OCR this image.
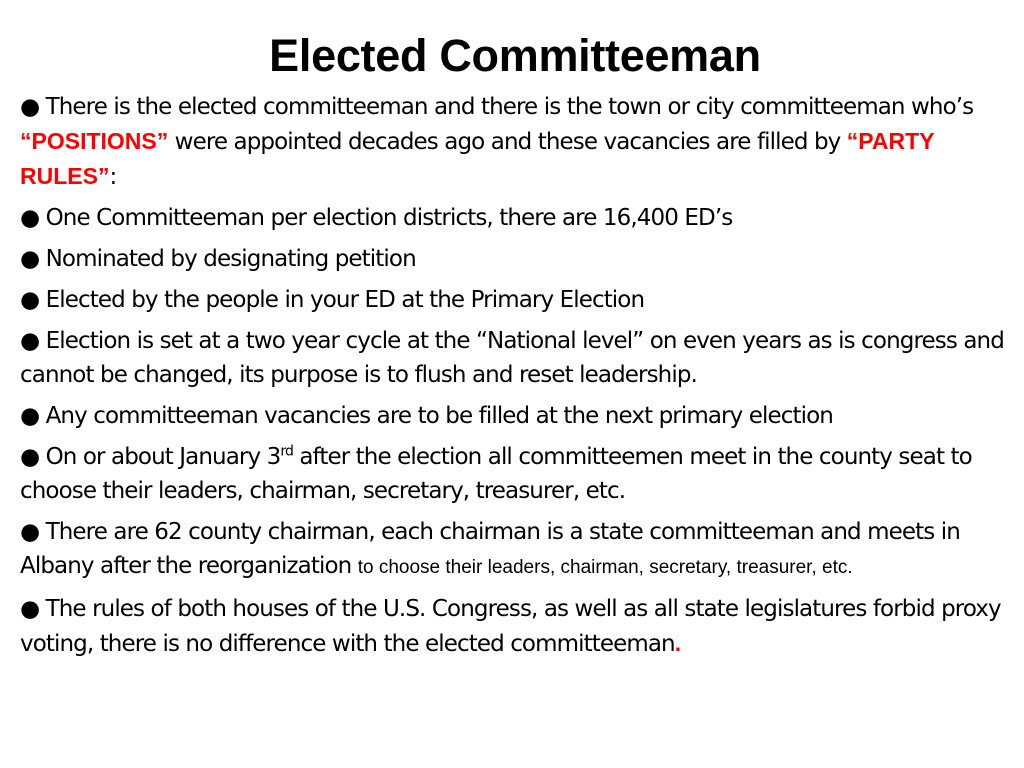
Elected Committeeman
● There is the elected committeeman and there is the town or city committeeman who’s “POSITIONS” were appointed decades ago and these vacancies are filled by “PARTY RULES”:
● One Committeeman per election districts, there are 16,400 ED’s
● Nominated by designating petition
● Elected by the people in your ED at the Primary Election
● Election is set at a two year cycle at the “National level” on even years as is congress and cannot be changed, its purpose is to flush and reset leadership.
● Any committeeman vacancies are to be filled at the next primary election
● On or about January 3rd after the election all committeemen meet in the county seat to choose their leaders, chairman, secretary, treasurer, etc.
● There are 62 county chairman, each chairman is a state committeeman and meets in Albany after the reorganization to choose their leaders, chairman, secretary, treasurer, etc.
● The rules of both houses of the U.S. Congress, as well as all state legislatures forbid proxy voting, there is no difference with the elected committeeman.
